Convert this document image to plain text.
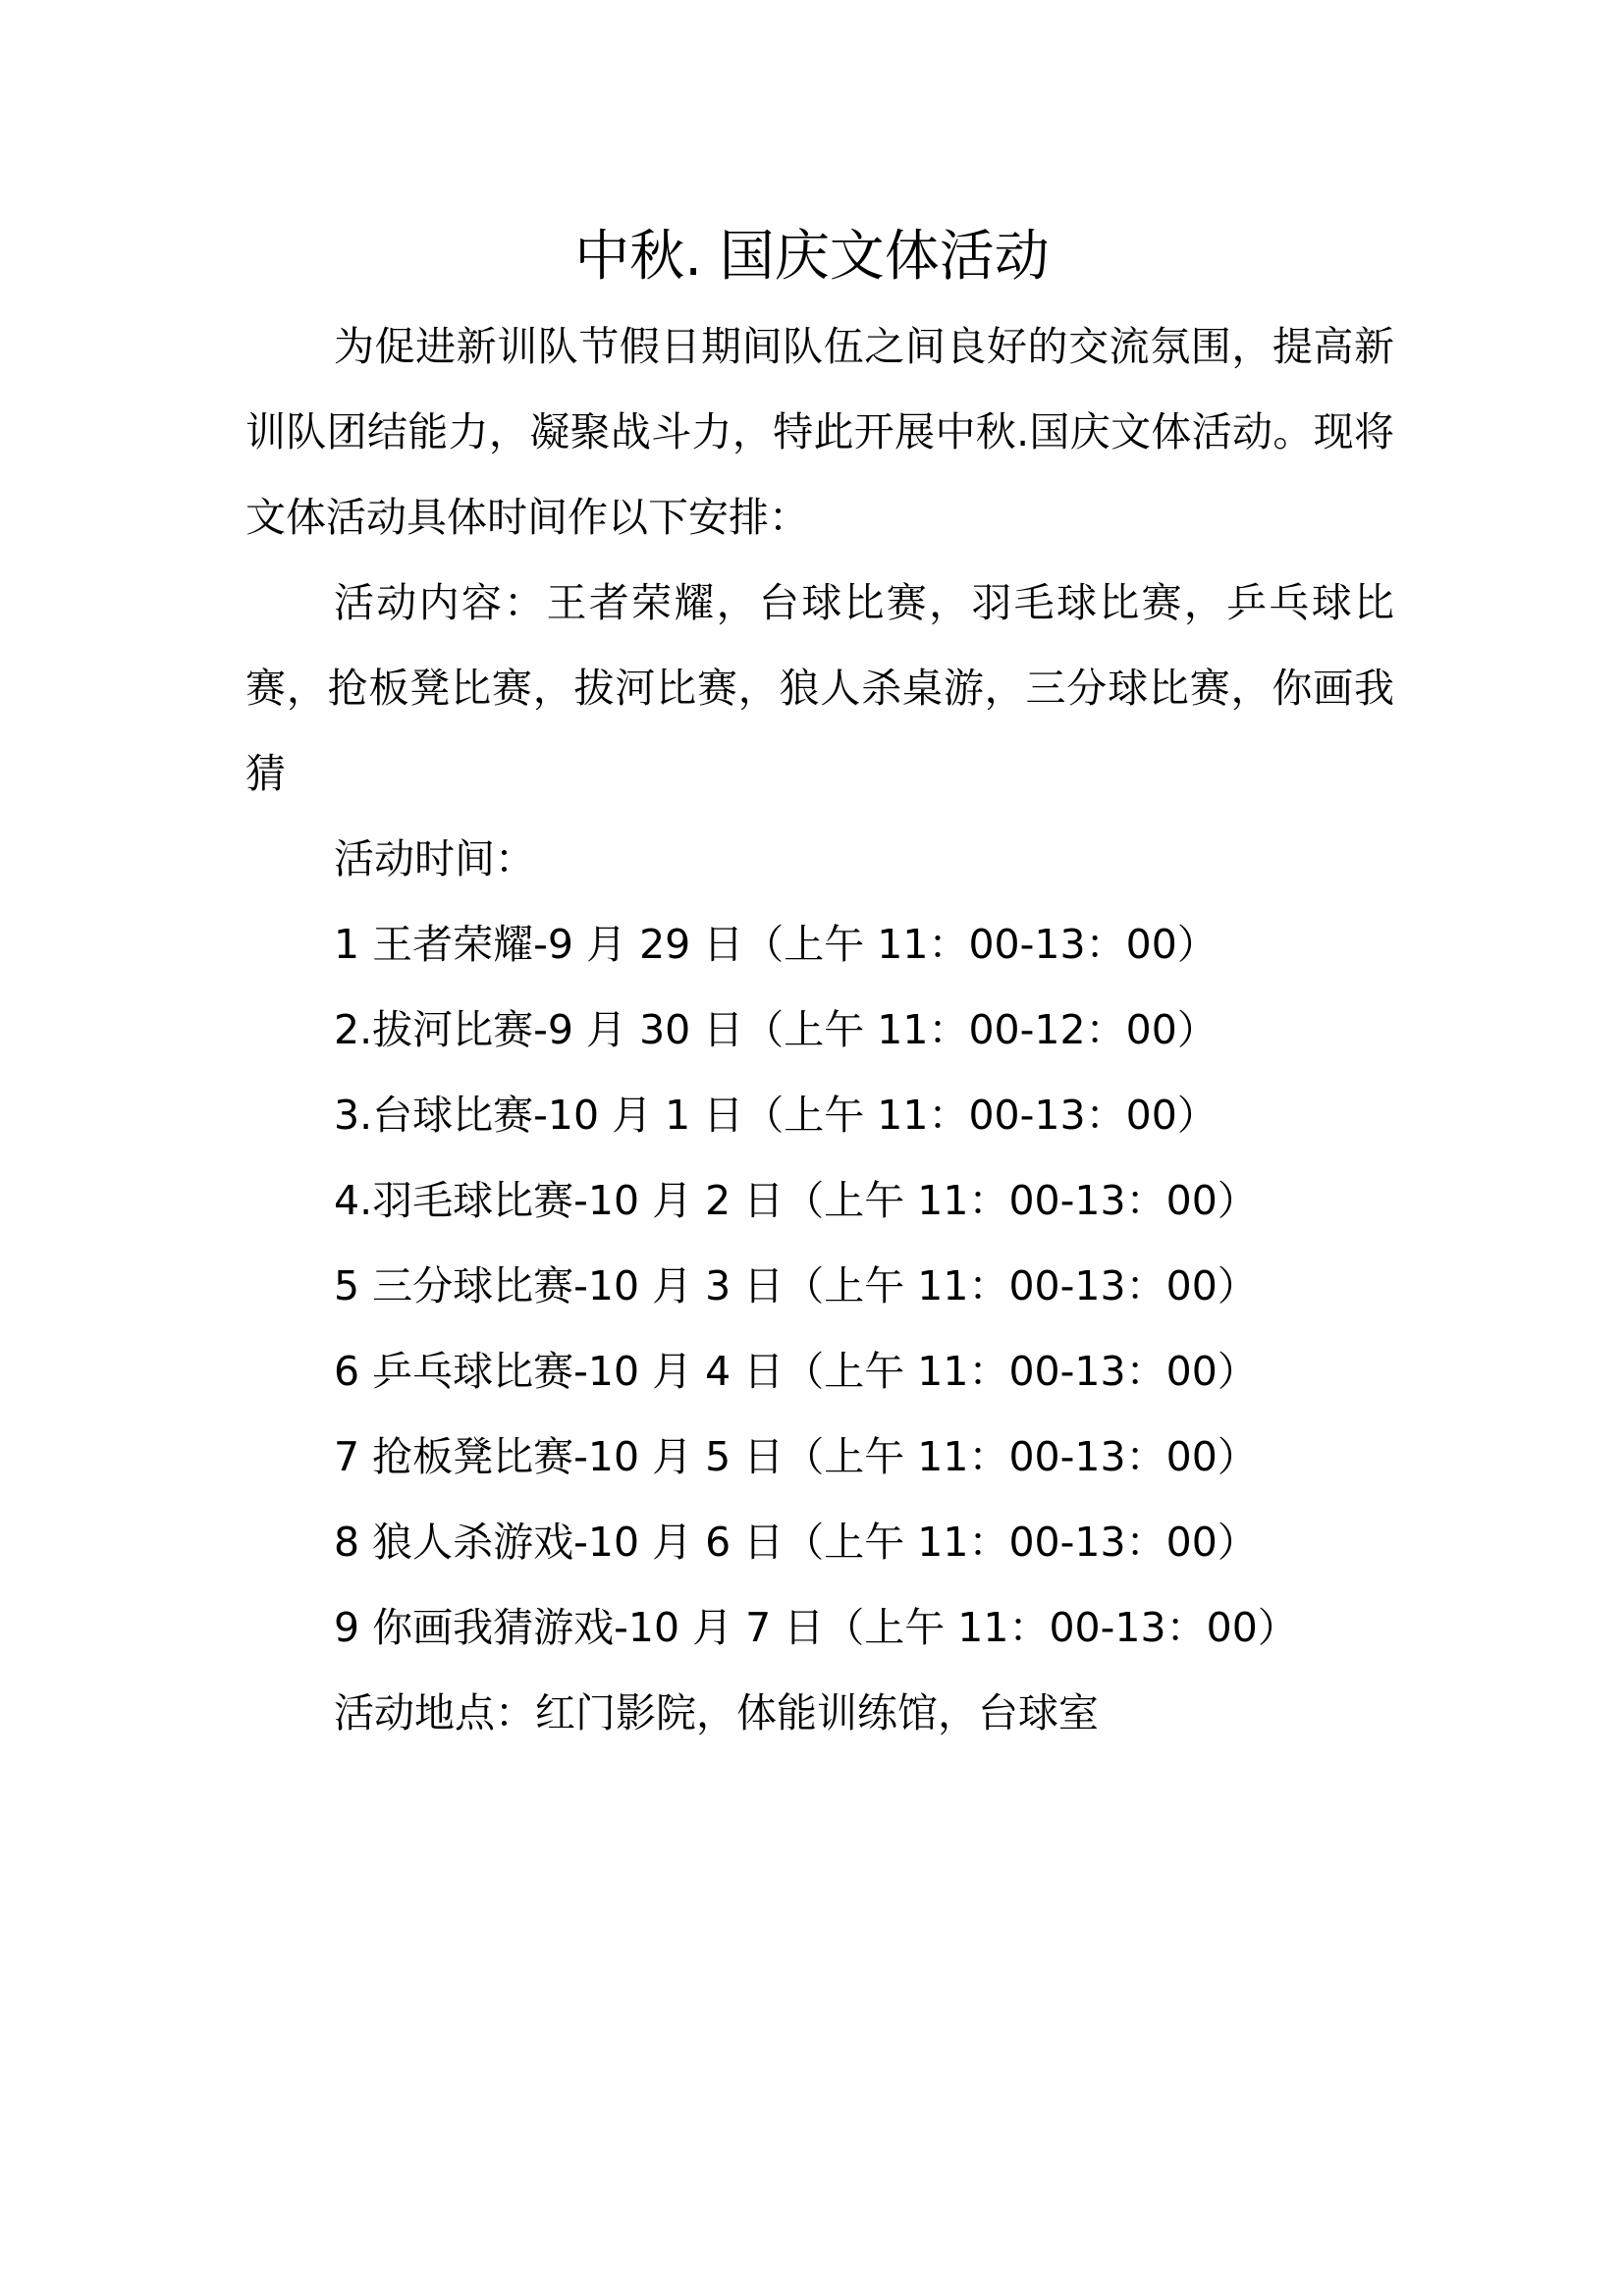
中秋. 国庆文体活动

为促进新训队节假日期间队伍之间良好的交流氛围，提高新训队团结能力，凝聚战斗力，特此开展中秋.国庆文体活动。现将文体活动具体时间作以下安排：

活动内容：王者荣耀，台球比赛，羽毛球比赛，乒乓球比赛，抢板凳比赛，拔河比赛，狼人杀桌游，三分球比赛，你画我猜

活动时间：

1 王者荣耀-9 月 29 日（上午 11：00-13：00）
2.拔河比赛-9 月 30 日（上午 11：00-12：00）
3.台球比赛-10 月 1 日（上午 11：00-13：00）
4.羽毛球比赛-10 月 2 日（上午 11：00-13：00）
5 三分球比赛-10 月 3 日（上午 11：00-13：00）
6 乒乓球比赛-10 月 4 日（上午 11：00-13：00）
7 抢板凳比赛-10 月 5 日（上午 11：00-13：00）
8 狼人杀游戏-10 月 6 日（上午 11：00-13：00）
9 你画我猜游戏-10 月 7 日（上午 11：00-13：00）

活动地点：红门影院，体能训练馆，台球室
